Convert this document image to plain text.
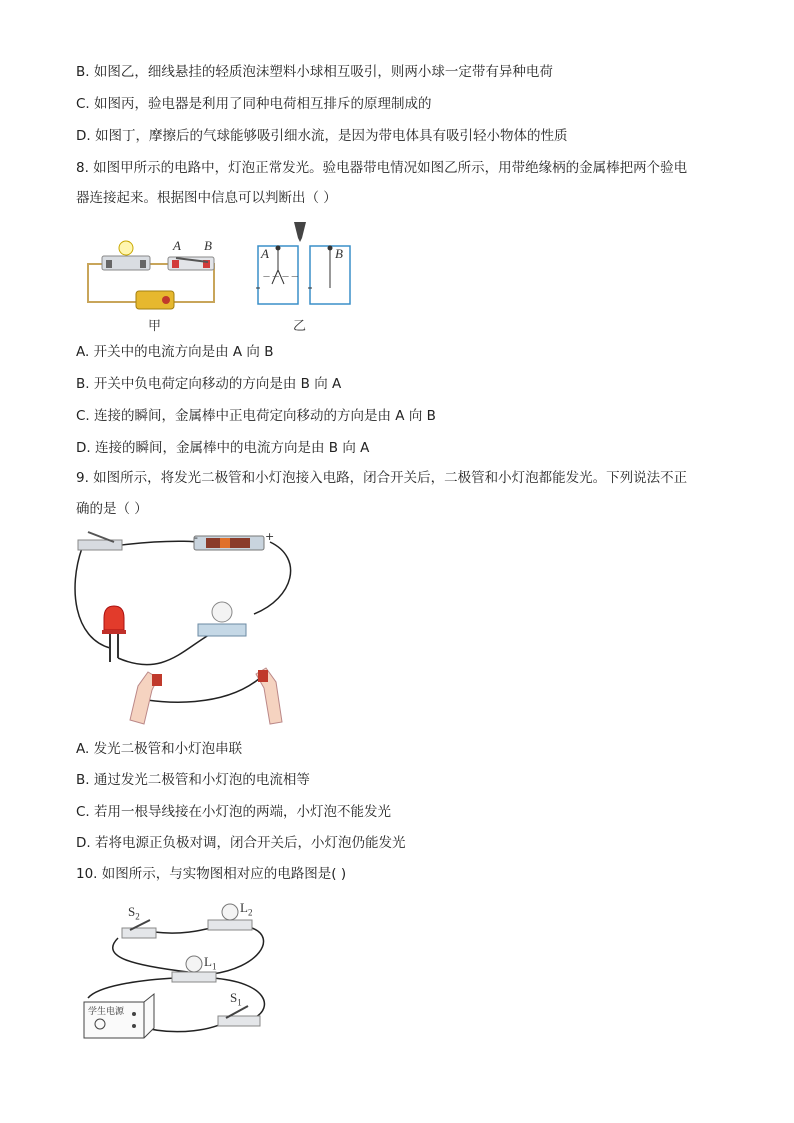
B. 如图乙，细线悬挂的轻质泡沫塑料小球相互吸引，则两小球一定带有异种电荷
C. 如图丙，验电器是利用了同种电荷相互排斥的原理制成的
D. 如图丁，摩擦后的气球能够吸引细水流，是因为带电体具有吸引轻小物体的性质
8. 如图甲所示的电路中，灯泡正常发光。验电器带电情况如图乙所示，用带绝缘柄的金属棒把两个验电
器连接起来。根据图中信息可以判断出（ ）
A B
甲
— — — —
A	B
乙
A. 开关中的电流方向是由 A 向 B
B. 开关中负电荷定向移动的方向是由 B 向 A
C. 连接的瞬间，金属棒中正电荷定向移动的方向是由 A 向 B
D. 连接的瞬间，金属棒中的电流方向是由 B 向 A
9. 如图所示，将发光二极管和小灯泡接入电路，闭合开关后，二极管和小灯泡都能发光。下列说法不正
确的是（ ）
-	+
A. 发光二极管和小灯泡串联
B. 通过发光二极管和小灯泡的电流相等
C. 若用一根导线接在小灯泡的两端，小灯泡不能发光
D. 若将电源正负极对调，闭合开关后，小灯泡仍能发光
10. 如图所示，与实物图相对应的电路图是( )
$S_2$
$L_2$
$L_1$
$S_1$
学生电源
